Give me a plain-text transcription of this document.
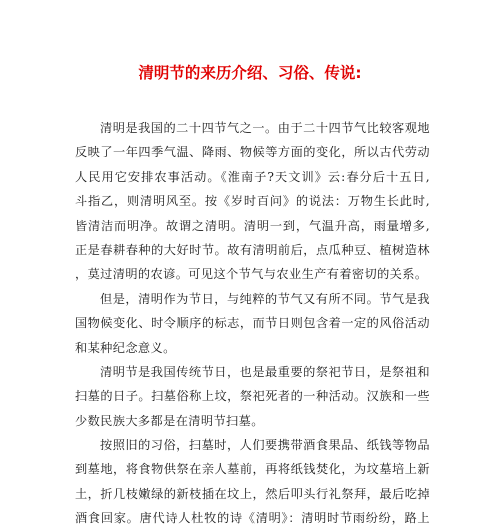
清明节的来历介绍、习俗、传说:
清明是我国的二十四节气之一。由于二十四节气比较客观地
反映了一年四季气温、降雨、物候等方面的变化，所以古代劳动
人民用它安排农事活动。《淮南子?天文训》云:春分后十五日,
斗指乙，则清明风至。按《岁时百问》的说法：万物生长此时,
皆清洁而明净。故谓之清明。清明一到，气温升高，雨量增多,
正是春耕春种的大好时节。故有清明前后，点瓜种豆、植树造林
，莫过清明的农谚。可见这个节气与农业生产有着密切的关系。
但是，清明作为节日，与纯粹的节气又有所不同。节气是我
国物候变化、时令顺序的标志，而节日则包含着一定的风俗活动
和某种纪念意义。
清明节是我国传统节日，也是最重要的祭祀节日，是祭祖和
扫墓的日子。扫墓俗称上坟，祭祀死者的一种活动。汉族和一些
少数民族大多都是在清明节扫墓。
按照旧的习俗，扫墓时，人们要携带酒食果品、纸钱等物品
到墓地，将食物供祭在亲人墓前，再将纸钱焚化，为坟墓培上新
土，折几枝嫩绿的新枝插在坟上，然后叩头行礼祭拜，最后吃掉
酒食回家。唐代诗人杜牧的诗《清明》：清明时节雨纷纷，路上
